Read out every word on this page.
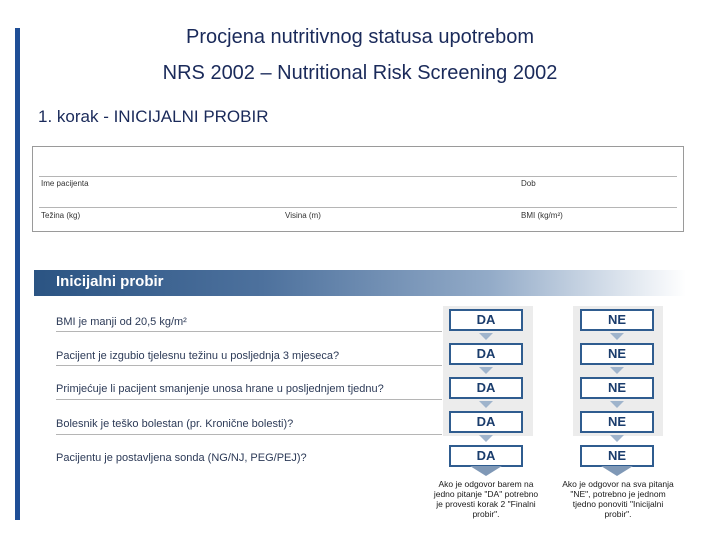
Procjena nutritivnog statusa upotrebom
NRS 2002 – Nutritional Risk Screening 2002
1. korak - INICIJALNI PROBIR
Ime pacijenta	Dob
Težina (kg)	Visina (m)	BMI (kg/m²)
Inicijalni probir
BMI je manji od 20,5 kg/m²	DA	NE
Pacijent je izgubio tjelesnu težinu u posljednja 3 mjeseca?	DA	NE
Primjećuje li pacijent smanjenje unosa hrane u posljednjem tjednu?	DA	NE
Bolesnik je teško bolestan (pr. Kronične bolesti)?	DA	NE
Pacijentu je postavljena sonda (NG/NJ, PEG/PEJ)?	DA	NE
Ako je odgovor barem na jedno pitanje "DA" potrebno je provesti korak 2 "Finalni probir".
Ako je odgovor na sva pitanja "NE", potrebno je jednom tjedno ponoviti "Inicijalni probir".
